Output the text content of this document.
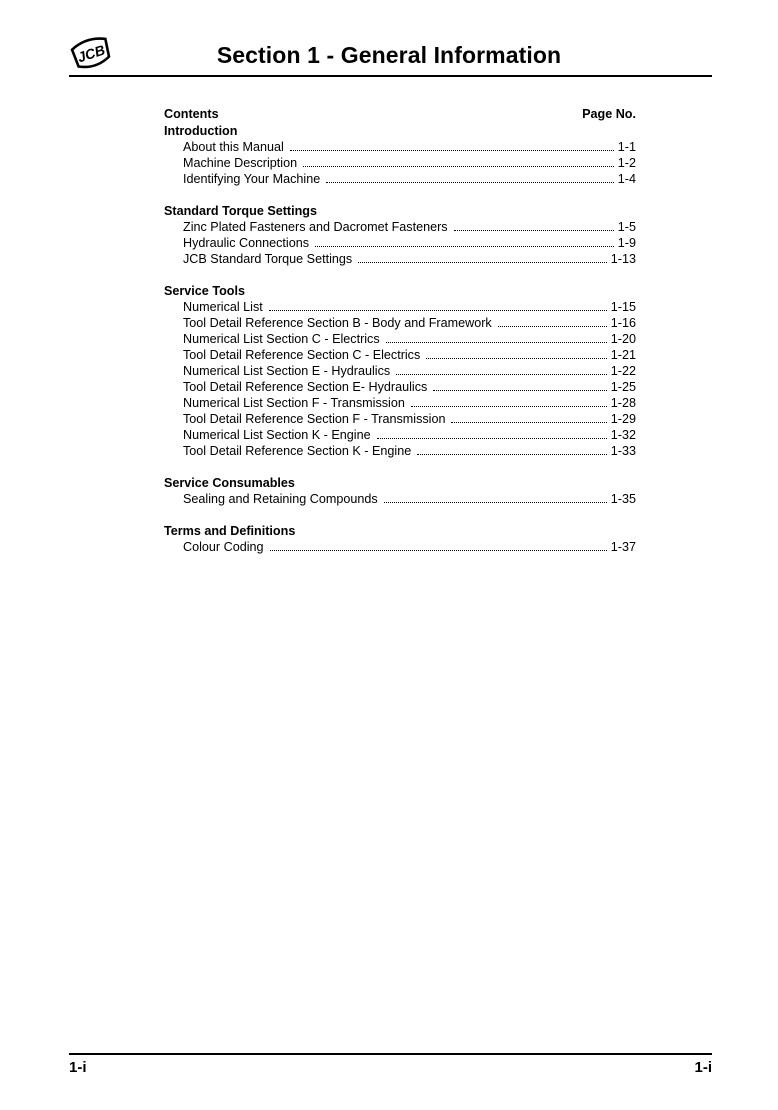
JCB	Section 1 - General Information
Contents	Page No.
Introduction
About this Manual	1-1
Machine Description	1-2
Identifying Your Machine	1-4
Standard Torque Settings
Zinc Plated Fasteners and Dacromet Fasteners	1-5
Hydraulic Connections	1-9
JCB Standard Torque Settings	1-13
Service Tools
Numerical List	1-15
Tool Detail Reference Section B - Body and Framework	1-16
Numerical List Section C - Electrics	1-20
Tool Detail Reference Section C - Electrics	1-21
Numerical List Section E - Hydraulics	1-22
Tool Detail Reference Section E- Hydraulics	1-25
Numerical List Section F - Transmission	1-28
Tool Detail Reference Section F - Transmission	1-29
Numerical List Section K - Engine	1-32
Tool Detail Reference Section K - Engine	1-33
Service Consumables
Sealing and Retaining Compounds	1-35
Terms and Definitions
Colour Coding	1-37
1-i	1-i
